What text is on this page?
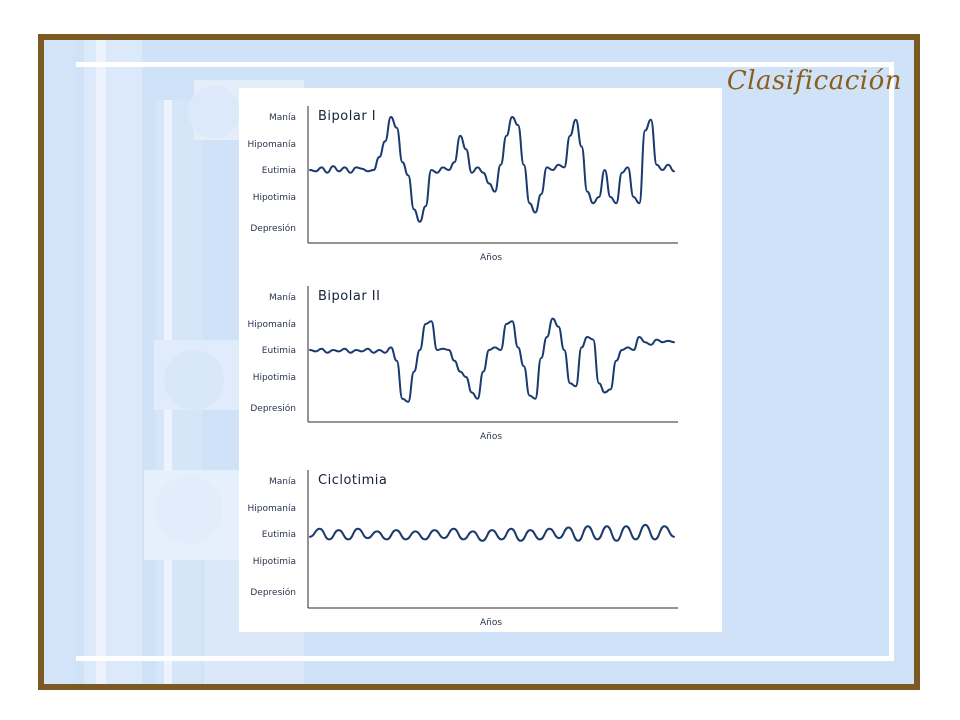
Clasificación
Depresión
Hipotimia
Eutimia
Hipomanía
Manía Bipolar I
Años
Depresión
Hipotimia
Eutimia
Hipomanía
Manía Bipolar II
Años
Depresión
Hipotimia
Eutimia
Hipomanía
Manía Ciclotimia
Años
